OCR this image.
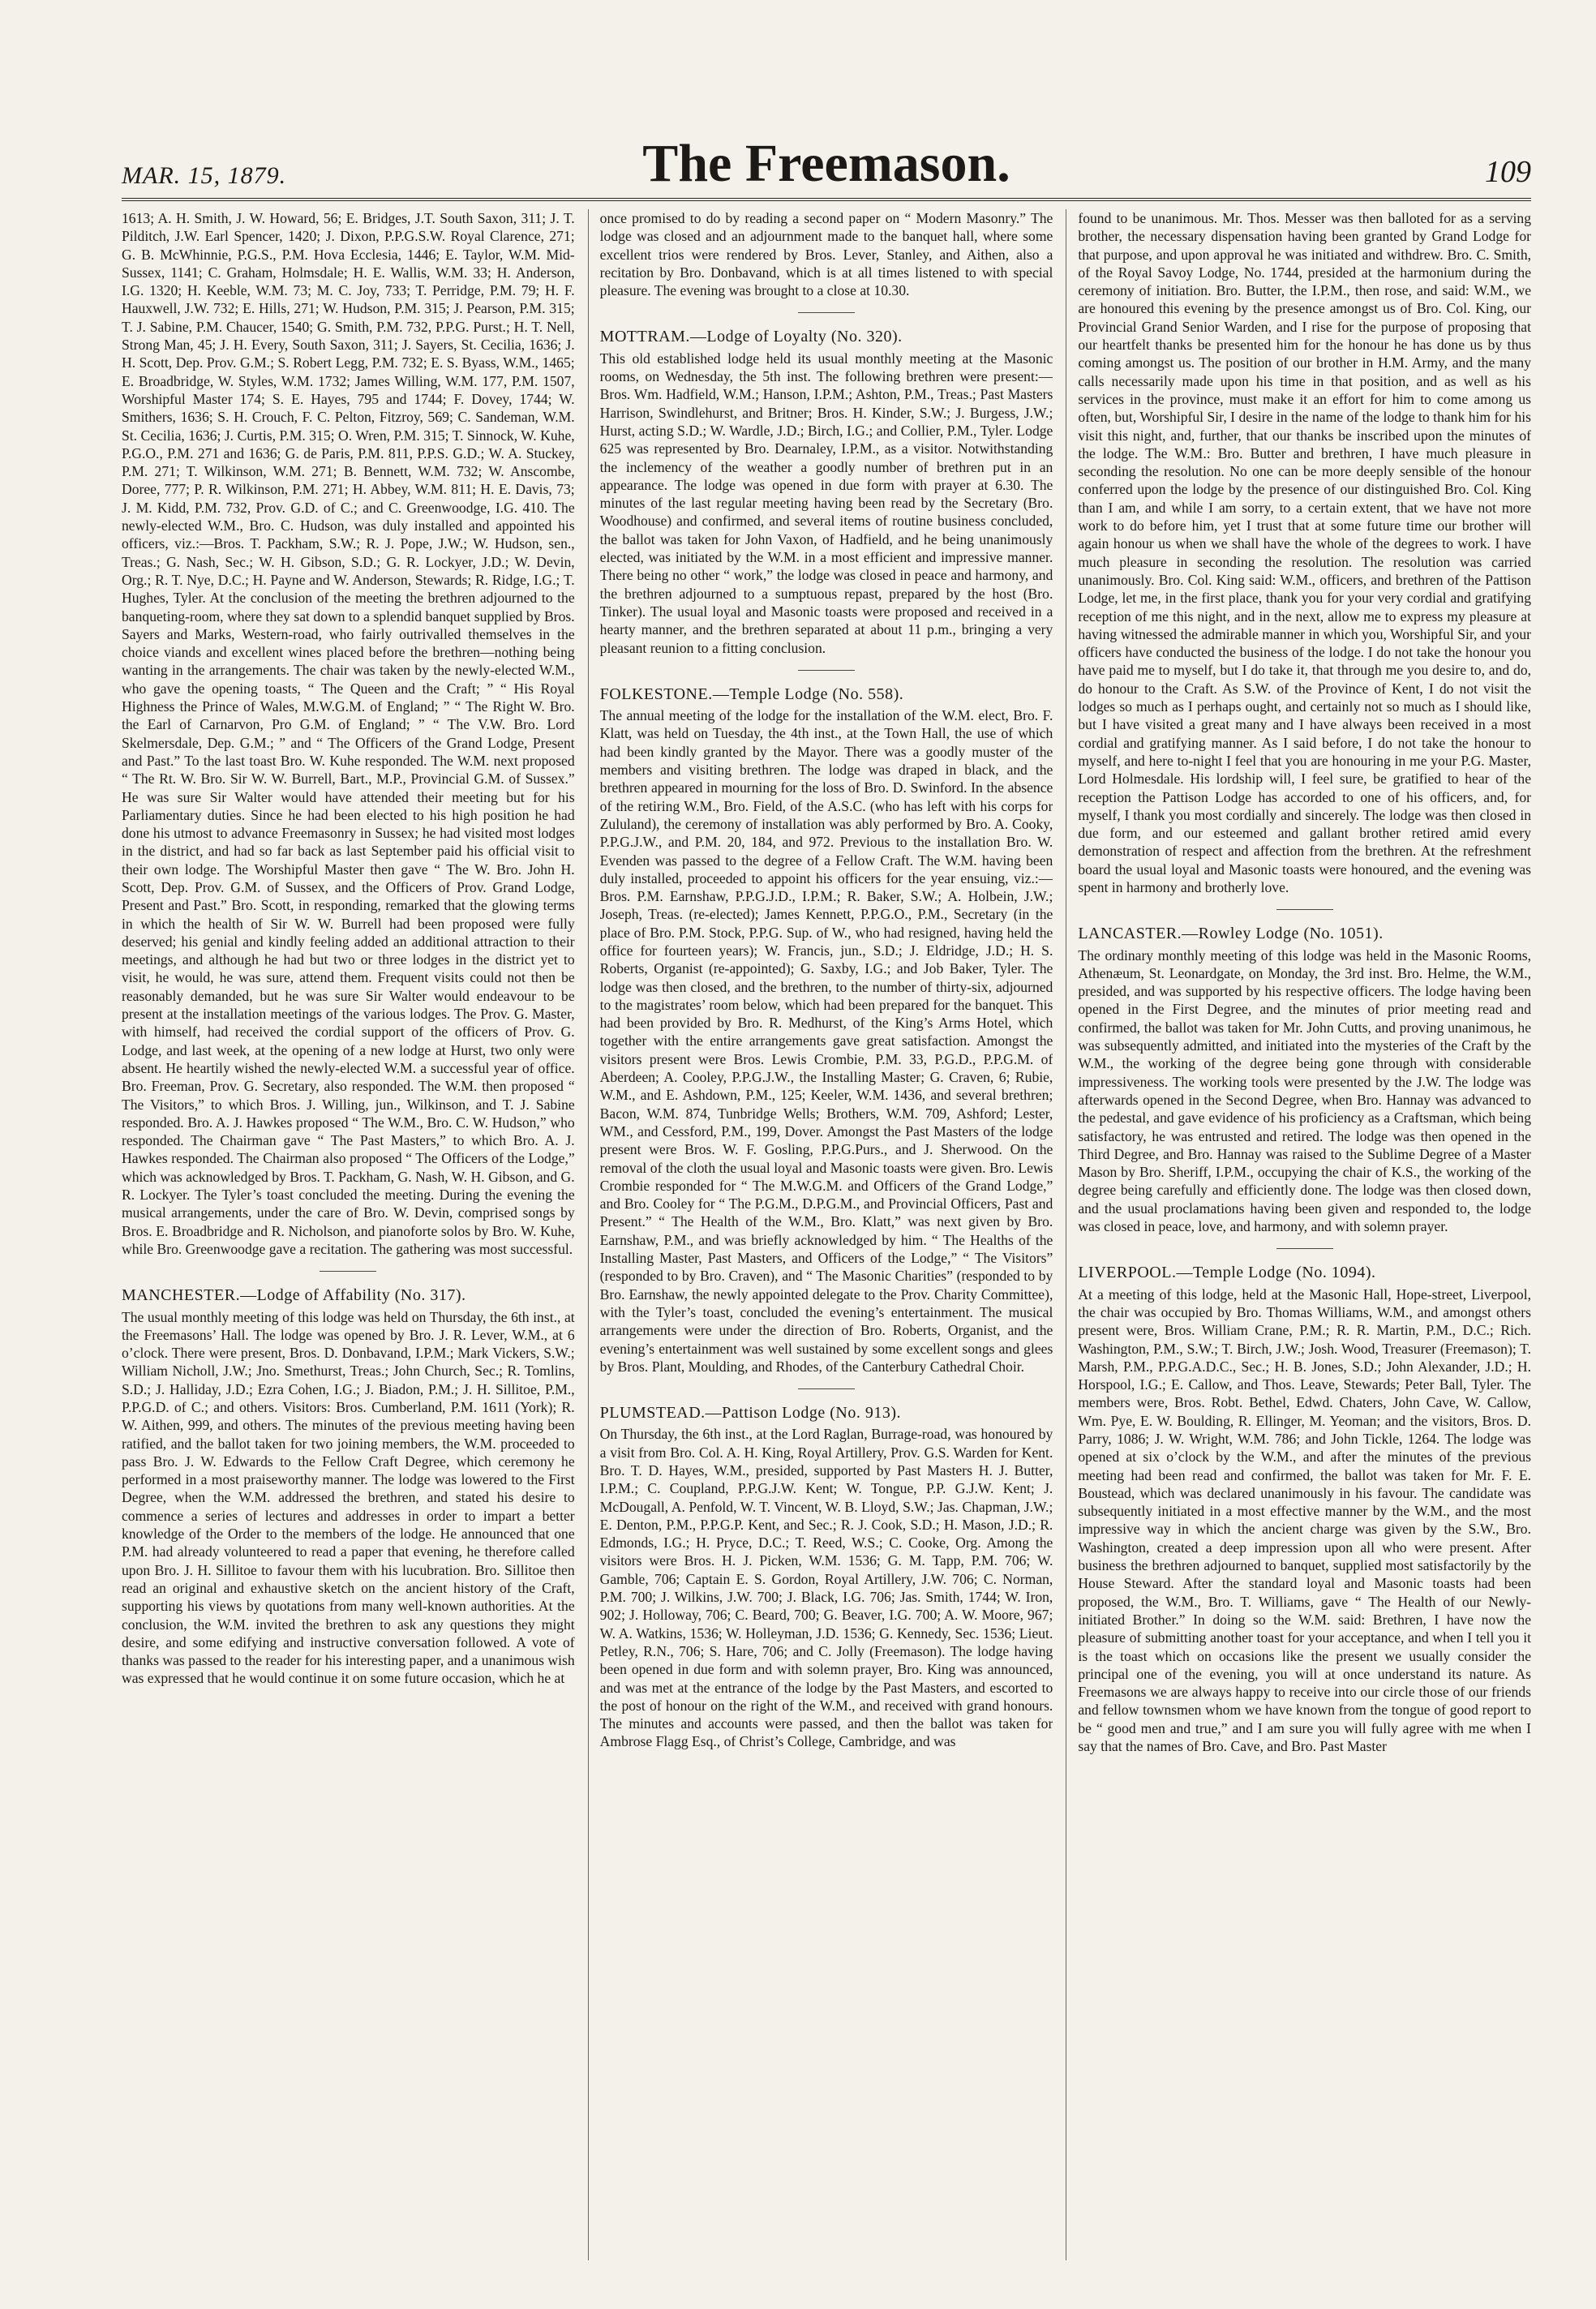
MAR. 15, 1879.	The Freemason.	109

1613; A. H. Smith, J. W. Howard, 56; E. Bridges, J.T. South Saxon, 311; J. T. Pilditch, J.W. Earl Spencer, 1420; J. Dixon, P.P.G.S.W. Royal Clarence, 271; G. B. McWhinnie, P.G.S., P.M. Hova Ecclesia, 1446; E. Taylor, W.M. Mid-Sussex, 1141; C. Graham, Holmsdale; H. E. Wallis, W.M. 33; H. Anderson, I.G. 1320; H. Keeble, W.M. 73; M. C. Joy, 733; T. Perridge, P.M. 79; H. F. Hauxwell, J.W. 732; E. Hills, 271; W. Hudson, P.M. 315; J. Pearson, P.M. 315; T. J. Sabine, P.M. Chaucer, 1540; G. Smith, P.M. 732, P.P.G. Purst.; H. T. Nell, Strong Man, 45; J. H. Every, South Saxon, 311; J. Sayers, St. Cecilia, 1636; J. H. Scott, Dep. Prov. G.M.; S. Robert Legg, P.M. 732; E. S. Byass, W.M., 1465; E. Broadbridge, W. Styles, W.M. 1732; James Willing, W.M. 177, P.M. 1507, Worshipful Master 174; S. E. Hayes, 795 and 1744; F. Dovey, 1744; W. Smithers, 1636; S. H. Crouch, F. C. Pelton, Fitzroy, 569; C. Sandeman, W.M. St. Cecilia, 1636; J. Curtis, P.M. 315; O. Wren, P.M. 315; T. Sinnock, W. Kuhe, P.G.O., P.M. 271 and 1636; G. de Paris, P.M. 811, P.P.S. G.D.; W. A. Stuckey, P.M. 271; T. Wilkinson, W.M. 271; B. Bennett, W.M. 732; W. Anscombe, Doree, 777; P. R. Wilkinson, P.M. 271; H. Abbey, W.M. 811; H. E. Davis, 73; J. M. Kidd, P.M. 732, Prov. G.D. of C.; and C. Greenwoodge, I.G. 410. The newly-elected W.M., Bro. C. Hudson, was duly installed and appointed his officers, viz.:—Bros. T. Packham, S.W.; R. J. Pope, J.W.; W. Hudson, sen., Treas.; G. Nash, Sec.; W. H. Gibson, S.D.; G. R. Lockyer, J.D.; W. Devin, Org.; R. T. Nye, D.C.; H. Payne and W. Anderson, Stewards; R. Ridge, I.G.; T. Hughes, Tyler. At the conclusion of the meeting the brethren adjourned to the banqueting-room, where they sat down to a splendid banquet supplied by Bros. Sayers and Marks, Western-road, who fairly outrivalled themselves in the choice viands and excellent wines placed before the brethren—nothing being wanting in the arrangements. The chair was taken by the newly-elected W.M., who gave the opening toasts, “ The Queen and the Craft; ” “ His Royal Highness the Prince of Wales, M.W.G.M. of England; ” “ The Right W. Bro. the Earl of Carnarvon, Pro G.M. of England; ” “ The V.W. Bro. Lord Skelmersdale, Dep. G.M.; ” and “ The Officers of the Grand Lodge, Present and Past.” To the last toast Bro. W. Kuhe responded. The W.M. next proposed “ The Rt. W. Bro. Sir W. W. Burrell, Bart., M.P., Provincial G.M. of Sussex.” He was sure Sir Walter would have attended their meeting but for his Parliamentary duties. Since he had been elected to his high position he had done his utmost to advance Freemasonry in Sussex; he had visited most lodges in the district, and had so far back as last September paid his official visit to their own lodge. The Worshipful Master then gave “ The W. Bro. John H. Scott, Dep. Prov. G.M. of Sussex, and the Officers of Prov. Grand Lodge, Present and Past.” Bro. Scott, in responding, remarked that the glowing terms in which the health of Sir W. W. Burrell had been proposed were fully deserved; his genial and kindly feeling added an additional attraction to their meetings, and although he had but two or three lodges in the district yet to visit, he would, he was sure, attend them. Frequent visits could not then be reasonably demanded, but he was sure Sir Walter would endeavour to be present at the installation meetings of the various lodges. The Prov. G. Master, with himself, had received the cordial support of the officers of Prov. G. Lodge, and last week, at the opening of a new lodge at Hurst, two only were absent. He heartily wished the newly-elected W.M. a successful year of office. Bro. Freeman, Prov. G. Secretary, also responded. The W.M. then proposed “ The Visitors,” to which Bros. J. Willing, jun., Wilkinson, and T. J. Sabine responded. Bro. A. J. Hawkes proposed “ The W.M., Bro. C. W. Hudson,” who responded. The Chairman gave “ The Past Masters,” to which Bro. A. J. Hawkes responded. The Chairman also proposed “ The Officers of the Lodge,” which was acknowledged by Bros. T. Packham, G. Nash, W. H. Gibson, and G. R. Lockyer. The Tyler’s toast concluded the meeting. During the evening the musical arrangements, under the care of Bro. W. Devin, comprised songs by Bros. E. Broadbridge and R. Nicholson, and pianoforte solos by Bro. W. Kuhe, while Bro. Greenwoodge gave a recitation. The gathering was most successful.

MANCHESTER.—Lodge of Affability (No. 317).

The usual monthly meeting of this lodge was held on Thursday, the 6th inst., at the Freemasons’ Hall. The lodge was opened by Bro. J. R. Lever, W.M., at 6 o’clock. There were present, Bros. D. Donbavand, I.P.M.; Mark Vickers, S.W.; William Nicholl, J.W.; Jno. Smethurst, Treas.; John Church, Sec.; R. Tomlins, S.D.; J. Halliday, J.D.; Ezra Cohen, I.G.; J. Biadon, P.M.; J. H. Sillitoe, P.M., P.P.G.D. of C.; and others. Visitors: Bros. Cumberland, P.M. 1611 (York); R. W. Aithen, 999, and others. The minutes of the previous meeting having been ratified, and the ballot taken for two joining members, the W.M. proceeded to pass Bro. J. W. Edwards to the Fellow Craft Degree, which ceremony he performed in a most praiseworthy manner. The lodge was lowered to the First Degree, when the W.M. addressed the brethren, and stated his desire to commence a series of lectures and addresses in order to impart a better knowledge of the Order to the members of the lodge. He announced that one P.M. had already volunteered to read a paper that evening, he therefore called upon Bro. J. H. Sillitoe to favour them with his lucubration. Bro. Sillitoe then read an original and exhaustive sketch on the ancient history of the Craft, supporting his views by quotations from many well-known authorities. At the conclusion, the W.M. invited the brethren to ask any questions they might desire, and some edifying and instructive conversation followed. A vote of thanks was passed to the reader for his interesting paper, and a unanimous wish was expressed that he would continue it on some future occasion, which he at

once promised to do by reading a second paper on “ Modern Masonry.” The lodge was closed and an adjournment made to the banquet hall, where some excellent trios were rendered by Bros. Lever, Stanley, and Aithen, also a recitation by Bro. Donbavand, which is at all times listened to with special pleasure. The evening was brought to a close at 10.30.

MOTTRAM.—Lodge of Loyalty (No. 320).

This old established lodge held its usual monthly meeting at the Masonic rooms, on Wednesday, the 5th inst. The following brethren were present:—Bros. Wm. Hadfield, W.M.; Hanson, I.P.M.; Ashton, P.M., Treas.; Past Masters Harrison, Swindlehurst, and Britner; Bros. H. Kinder, S.W.; J. Burgess, J.W.; Hurst, acting S.D.; W. Wardle, J.D.; Birch, I.G.; and Collier, P.M., Tyler. Lodge 625 was represented by Bro. Dearnaley, I.P.M., as a visitor. Notwithstanding the inclemency of the weather a goodly number of brethren put in an appearance. The lodge was opened in due form with prayer at 6.30. The minutes of the last regular meeting having been read by the Secretary (Bro. Woodhouse) and confirmed, and several items of routine business concluded, the ballot was taken for John Vaxon, of Hadfield, and he being unanimously elected, was initiated by the W.M. in a most efficient and impressive manner. There being no other “ work,” the lodge was closed in peace and harmony, and the brethren adjourned to a sumptuous repast, prepared by the host (Bro. Tinker). The usual loyal and Masonic toasts were proposed and received in a hearty manner, and the brethren separated at about 11 p.m., bringing a very pleasant reunion to a fitting conclusion.

FOLKESTONE.—Temple Lodge (No. 558).

The annual meeting of the lodge for the installation of the W.M. elect, Bro. F. Klatt, was held on Tuesday, the 4th inst., at the Town Hall, the use of which had been kindly granted by the Mayor. There was a goodly muster of the members and visiting brethren. The lodge was draped in black, and the brethren appeared in mourning for the loss of Bro. D. Swinford. In the absence of the retiring W.M., Bro. Field, of the A.S.C. (who has left with his corps for Zululand), the ceremony of installation was ably performed by Bro. A. Cooky, P.P.G.J.W., and P.M. 20, 184, and 972. Previous to the installation Bro. W. Evenden was passed to the degree of a Fellow Craft. The W.M. having been duly installed, proceeded to appoint his officers for the year ensuing, viz.:—Bros. P.M. Earnshaw, P.P.G.J.D., I.P.M.; R. Baker, S.W.; A. Holbein, J.W.; Joseph, Treas. (re-elected); James Kennett, P.P.G.O., P.M., Secretary (in the place of Bro. P.M. Stock, P.P.G. Sup. of W., who had resigned, having held the office for fourteen years); W. Francis, jun., S.D.; J. Eldridge, J.D.; H. S. Roberts, Organist (re-appointed); G. Saxby, I.G.; and Job Baker, Tyler. The lodge was then closed, and the brethren, to the number of thirty-six, adjourned to the magistrates’ room below, which had been prepared for the banquet. This had been provided by Bro. R. Medhurst, of the King’s Arms Hotel, which together with the entire arrangements gave great satisfaction. Amongst the visitors present were Bros. Lewis Crombie, P.M. 33, P.G.D., P.P.G.M. of Aberdeen; A. Cooley, P.P.G.J.W., the Installing Master; G. Craven, 6; Rubie, W.M., and E. Ashdown, P.M., 125; Keeler, W.M. 1436, and several brethren; Bacon, W.M. 874, Tunbridge Wells; Brothers, W.M. 709, Ashford; Lester, WM., and Cessford, P.M., 199, Dover. Amongst the Past Masters of the lodge present were Bros. W. F. Gosling, P.P.G.Purs., and J. Sherwood. On the removal of the cloth the usual loyal and Masonic toasts were given. Bro. Lewis Crombie responded for “ The M.W.G.M. and Officers of the Grand Lodge,” and Bro. Cooley for “ The P.G.M., D.P.G.M., and Provincial Officers, Past and Present.” “ The Health of the W.M., Bro. Klatt,” was next given by Bro. Earnshaw, P.M., and was briefly acknowledged by him. “ The Healths of the Installing Master, Past Masters, and Officers of the Lodge,” “ The Visitors” (responded to by Bro. Craven), and “ The Masonic Charities” (responded to by Bro. Earnshaw, the newly appointed delegate to the Prov. Charity Committee), with the Tyler’s toast, concluded the evening’s entertainment. The musical arrangements were under the direction of Bro. Roberts, Organist, and the evening’s entertainment was well sustained by some excellent songs and glees by Bros. Plant, Moulding, and Rhodes, of the Canterbury Cathedral Choir.

PLUMSTEAD.—Pattison Lodge (No. 913).

On Thursday, the 6th inst., at the Lord Raglan, Burrage-road, was honoured by a visit from Bro. Col. A. H. King, Royal Artillery, Prov. G.S. Warden for Kent. Bro. T. D. Hayes, W.M., presided, supported by Past Masters H. J. Butter, I.P.M.; C. Coupland, P.P.G.J.W. Kent; W. Tongue, P.P. G.J.W. Kent; J. McDougall, A. Penfold, W. T. Vincent, W. B. Lloyd, S.W.; Jas. Chapman, J.W.; E. Denton, P.M., P.P.G.P. Kent, and Sec.; R. J. Cook, S.D.; H. Mason, J.D.; R. Edmonds, I.G.; H. Pryce, D.C.; T. Reed, W.S.; C. Cooke, Org. Among the visitors were Bros. H. J. Picken, W.M. 1536; G. M. Tapp, P.M. 706; W. Gamble, 706; Captain E. S. Gordon, Royal Artillery, J.W. 706; C. Norman, P.M. 700; J. Wilkins, J.W. 700; J. Black, I.G. 706; Jas. Smith, 1744; W. Iron, 902; J. Holloway, 706; C. Beard, 700; G. Beaver, I.G. 700; A. W. Moore, 967; W. A. Watkins, 1536; W. Holleyman, J.D. 1536; G. Kennedy, Sec. 1536; Lieut. Petley, R.N., 706; S. Hare, 706; and C. Jolly (Freemason). The lodge having been opened in due form and with solemn prayer, Bro. King was announced, and was met at the entrance of the lodge by the Past Masters, and escorted to the post of honour on the right of the W.M., and received with grand honours. The minutes and accounts were passed, and then the ballot was taken for Ambrose Flagg Esq., of Christ’s College, Cambridge, and was

found to be unanimous. Mr. Thos. Messer was then balloted for as a serving brother, the necessary dispensation having been granted by Grand Lodge for that purpose, and upon approval he was initiated and withdrew. Bro. C. Smith, of the Royal Savoy Lodge, No. 1744, presided at the harmonium during the ceremony of initiation. Bro. Butter, the I.P.M., then rose, and said: W.M., we are honoured this evening by the presence amongst us of Bro. Col. King, our Provincial Grand Senior Warden, and I rise for the purpose of proposing that our heartfelt thanks be presented him for the honour he has done us by thus coming amongst us. The position of our brother in H.M. Army, and the many calls necessarily made upon his time in that position, and as well as his services in the province, must make it an effort for him to come among us often, but, Worshipful Sir, I desire in the name of the lodge to thank him for his visit this night, and, further, that our thanks be inscribed upon the minutes of the lodge. The W.M.: Bro. Butter and brethren, I have much pleasure in seconding the resolution. No one can be more deeply sensible of the honour conferred upon the lodge by the presence of our distinguished Bro. Col. King than I am, and while I am sorry, to a certain extent, that we have not more work to do before him, yet I trust that at some future time our brother will again honour us when we shall have the whole of the degrees to work. I have much pleasure in seconding the resolution. The resolution was carried unanimously. Bro. Col. King said: W.M., officers, and brethren of the Pattison Lodge, let me, in the first place, thank you for your very cordial and gratifying reception of me this night, and in the next, allow me to express my pleasure at having witnessed the admirable manner in which you, Worshipful Sir, and your officers have conducted the business of the lodge. I do not take the honour you have paid me to myself, but I do take it, that through me you desire to, and do, do honour to the Craft. As S.W. of the Province of Kent, I do not visit the lodges so much as I perhaps ought, and certainly not so much as I should like, but I have visited a great many and I have always been received in a most cordial and gratifying manner. As I said before, I do not take the honour to myself, and here to-night I feel that you are honouring in me your P.G. Master, Lord Holmesdale. His lordship will, I feel sure, be gratified to hear of the reception the Pattison Lodge has accorded to one of his officers, and, for myself, I thank you most cordially and sincerely. The lodge was then closed in due form, and our esteemed and gallant brother retired amid every demonstration of respect and affection from the brethren. At the refreshment board the usual loyal and Masonic toasts were honoured, and the evening was spent in harmony and brotherly love.

LANCASTER.—Rowley Lodge (No. 1051).

The ordinary monthly meeting of this lodge was held in the Masonic Rooms, Athenæum, St. Leonardgate, on Monday, the 3rd inst. Bro. Helme, the W.M., presided, and was supported by his respective officers. The lodge having been opened in the First Degree, and the minutes of prior meeting read and confirmed, the ballot was taken for Mr. John Cutts, and proving unanimous, he was subsequently admitted, and initiated into the mysteries of the Craft by the W.M., the working of the degree being gone through with considerable impressiveness. The working tools were presented by the J.W. The lodge was afterwards opened in the Second Degree, when Bro. Hannay was advanced to the pedestal, and gave evidence of his proficiency as a Craftsman, which being satisfactory, he was entrusted and retired. The lodge was then opened in the Third Degree, and Bro. Hannay was raised to the Sublime Degree of a Master Mason by Bro. Sheriff, I.P.M., occupying the chair of K.S., the working of the degree being carefully and efficiently done. The lodge was then closed down, and the usual proclamations having been given and responded to, the lodge was closed in peace, love, and harmony, and with solemn prayer.

LIVERPOOL.—Temple Lodge (No. 1094).

At a meeting of this lodge, held at the Masonic Hall, Hope-street, Liverpool, the chair was occupied by Bro. Thomas Williams, W.M., and amongst others present were, Bros. William Crane, P.M.; R. R. Martin, P.M., D.C.; Rich. Washington, P.M., S.W.; T. Birch, J.W.; Josh. Wood, Treasurer (Freemason); T. Marsh, P.M., P.P.G.A.D.C., Sec.; H. B. Jones, S.D.; John Alexander, J.D.; H. Horspool, I.G.; E. Callow, and Thos. Leave, Stewards; Peter Ball, Tyler. The members were, Bros. Robt. Bethel, Edwd. Chaters, John Cave, W. Callow, Wm. Pye, E. W. Boulding, R. Ellinger, M. Yeoman; and the visitors, Bros. D. Parry, 1086; J. W. Wright, W.M. 786; and John Tickle, 1264. The lodge was opened at six o’clock by the W.M., and after the minutes of the previous meeting had been read and confirmed, the ballot was taken for Mr. F. E. Boustead, which was declared unanimously in his favour. The candidate was subsequently initiated in a most effective manner by the W.M., and the most impressive way in which the ancient charge was given by the S.W., Bro. Washington, created a deep impression upon all who were present. After business the brethren adjourned to banquet, supplied most satisfactorily by the House Steward. After the standard loyal and Masonic toasts had been proposed, the W.M., Bro. T. Williams, gave “ The Health of our Newly-initiated Brother.” In doing so the W.M. said: Brethren, I have now the pleasure of submitting another toast for your acceptance, and when I tell you it is the toast which on occasions like the present we usually consider the principal one of the evening, you will at once understand its nature. As Freemasons we are always happy to receive into our circle those of our friends and fellow townsmen whom we have known from the tongue of good report to be “ good men and true,” and I am sure you will fully agree with me when I say that the names of Bro. Cave, and Bro. Past Master
